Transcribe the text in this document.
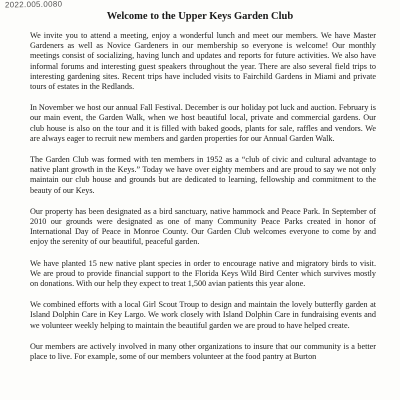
2022.005.0080
Welcome to the Upper Keys Garden Club

We invite you to attend a meeting, enjoy a wonderful lunch and meet our members. We have Master Gardeners as well as Novice Gardeners in our membership so everyone is welcome! Our monthly meetings consist of socializing, having lunch and updates and reports for future activities. We also have informal forums and interesting guest speakers throughout the year. There are also several field trips to interesting gardening sites. Recent trips have included visits to Fairchild Gardens in Miami and private tours of estates in the Redlands.

In November we host our annual Fall Festival. December is our holiday pot luck and auction. February is our main event, the Garden Walk, when we host beautiful local, private and commercial gardens. Our club house is also on the tour and it is filled with baked goods, plants for sale, raffles and vendors. We are always eager to recruit new members and garden properties for our Annual Garden Walk.

The Garden Club was formed with ten members in 1952 as a “club of civic and cultural advantage to native plant growth in the Keys.” Today we have over eighty members and are proud to say we not only maintain our club house and grounds but are dedicated to learning, fellowship and commitment to the beauty of our Keys.

Our property has been designated as a bird sanctuary, native hammock and Peace Park. In September of 2010 our grounds were designated as one of many Community Peace Parks created in honor of International Day of Peace in Monroe County. Our Garden Club welcomes everyone to come by and enjoy the serenity of our beautiful, peaceful garden.

We have planted 15 new native plant species in order to encourage native and migratory birds to visit. We are proud to provide financial support to the Florida Keys Wild Bird Center which survives mostly on donations. With our help they expect to treat 1,500 avian patients this year alone.

We combined efforts with a local Girl Scout Troup to design and maintain the lovely butterfly garden at Island Dolphin Care in Key Largo. We work closely with Island Dolphin Care in fundraising events and we volunteer weekly helping to maintain the beautiful garden we are proud to have helped create.

Our members are actively involved in many other organizations to insure that our community is a better place to live. For example, some of our members volunteer at the food pantry at Burton
